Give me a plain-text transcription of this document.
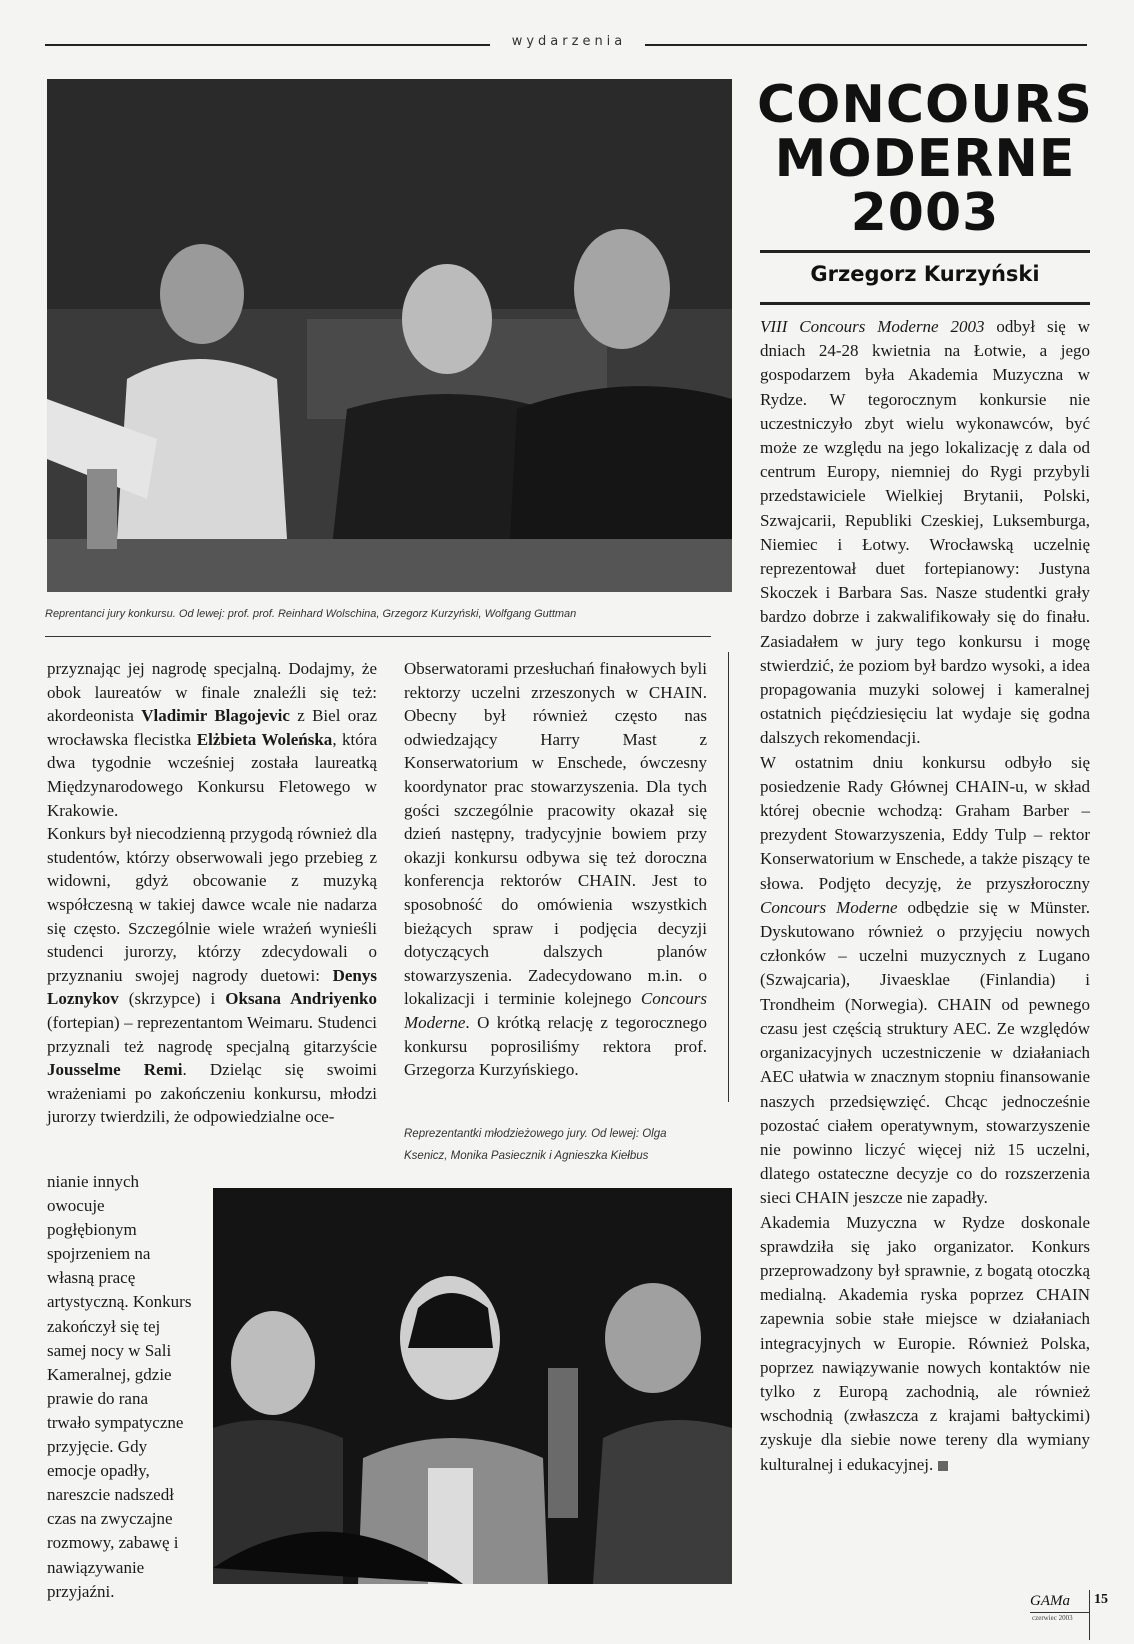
wydarzenia
Reprentanci jury konkursu. Od lewej: prof. prof. Reinhard Wolschina, Grzegorz Kurzyński, Wolfgang Guttman
CONCOURS
MODERNE
2003
Grzegorz Kurzyński

przyznając jej nagrodę specjalną. Dodajmy, że obok laureatów w finale znaleźli się też: akordeonista Vladimir Blagojevic z Biel oraz wrocławska flecistka Elżbieta Woleńska, która dwa tygodnie wcześniej została laureatką Międzynarodowego Konkursu Fletowego w Krakowie.

Konkurs był niecodzienną przygodą również dla studentów, którzy obserwowali jego przebieg z widowni, gdyż obcowanie z muzyką współczesną w takiej dawce wcale nie nadarza się często. Szczególnie wiele wrażeń wynieśli studenci jurorzy, którzy zdecydowali o przyznaniu swojej nagrody duetowi: Denys Loznykov (skrzypce) i Oksana Andriyenko (fortepian) – reprezentantom Weimaru. Studenci przyznali też nagrodę specjalną gitarzyście Jousselme Remi. Dzieląc się swoimi wrażeniami po zakończeniu konkursu, młodzi jurorzy twierdzili, że odpowiedzialne oce-

nianie innych owocuje pogłębionym spojrzeniem na własną pracę artystyczną. Konkurs zakończył się tej samej nocy w Sali Kameralnej, gdzie prawie do rana trwało sympatyczne przyjęcie. Gdy emocje opadły, nareszcie nadszedł czas na zwyczajne rozmowy, zabawę i nawiązywanie przyjaźni.

Obserwatorami przesłuchań finałowych byli rektorzy uczelni zrzeszonych w CHAIN. Obecny był również często nas odwiedzający Harry Mast z Konserwatorium w Enschede, ówczesny koordynator prac stowarzyszenia. Dla tych gości szczególnie pracowity okazał się dzień następny, tradycyjnie bowiem przy okazji konkursu odbywa się też doroczna konferencja rektorów CHAIN. Jest to sposobność do omówienia wszystkich bieżących spraw i podjęcia decyzji dotyczących dalszych planów stowarzyszenia. Zadecydowano m.in. o lokalizacji i terminie kolejnego Concours Moderne. O krótką relację z tegorocznego konkursu poprosiliśmy rektora prof. Grzegorza Kurzyńskiego.

Reprezentantki młodzieżowego jury. Od lewej: Olga
Ksenicz, Monika Pasiecznik i Agnieszka Kiełbus

VIII Concours Moderne 2003 odbył się w dniach 24-28 kwietnia na Łotwie, a jego gospodarzem była Akademia Muzyczna w Rydze. W tegorocznym konkursie nie uczestniczyło zbyt wielu wykonawców, być może ze względu na jego lokalizację z dala od centrum Europy, niemniej do Rygi przybyli przedstawiciele Wielkiej Brytanii, Polski, Szwajcarii, Republiki Czeskiej, Luksemburga, Niemiec i Łotwy. Wrocławską uczelnię reprezentował duet fortepianowy: Justyna Skoczek i Barbara Sas. Nasze studentki grały bardzo dobrze i zakwalifikowały się do finału. Zasiadałem w jury tego konkursu i mogę stwierdzić, że poziom był bardzo wysoki, a idea propagowania muzyki solowej i kameralnej ostatnich pięćdziesięciu lat wydaje się godna dalszych rekomendacji.

W ostatnim dniu konkursu odbyło się posiedzenie Rady Głównej CHAIN-u, w skład której obecnie wchodzą: Graham Barber – prezydent Stowarzyszenia, Eddy Tulp – rektor Konserwatorium w Enschede, a także piszący te słowa. Podjęto decyzję, że przyszłoroczny Concours Moderne odbędzie się w Münster. Dyskutowano również o przyjęciu nowych członków – uczelni muzycznych z Lugano (Szwajcaria), Jivaesklae (Finlandia) i Trondheim (Norwegia). CHAIN od pewnego czasu jest częścią struktury AEC. Ze względów organizacyjnych uczestniczenie w działaniach AEC ułatwia w znacznym stopniu finansowanie naszych przedsięwzięć. Chcąc jednocześnie pozostać ciałem operatywnym, stowarzyszenie nie powinno liczyć więcej niż 15 uczelni, dlatego ostateczne decyzje co do rozszerzenia sieci CHAIN jeszcze nie zapadły.

Akademia Muzyczna w Rydze doskonale sprawdziła się jako organizator. Konkurs przeprowadzony był sprawnie, z bogatą otoczką medialną. Akademia ryska poprzez CHAIN zapewnia sobie stałe miejsce w działaniach integracyjnych w Europie. Również Polska, poprzez nawiązywanie nowych kontaktów nie tylko z Europą zachodnią, ale również wschodnią (zwłaszcza z krajami bałtyckimi) zyskuje dla siebie nowe tereny dla wymiany kulturalnej i edukacyjnej.

GAMa
czerwiec 2003
15
